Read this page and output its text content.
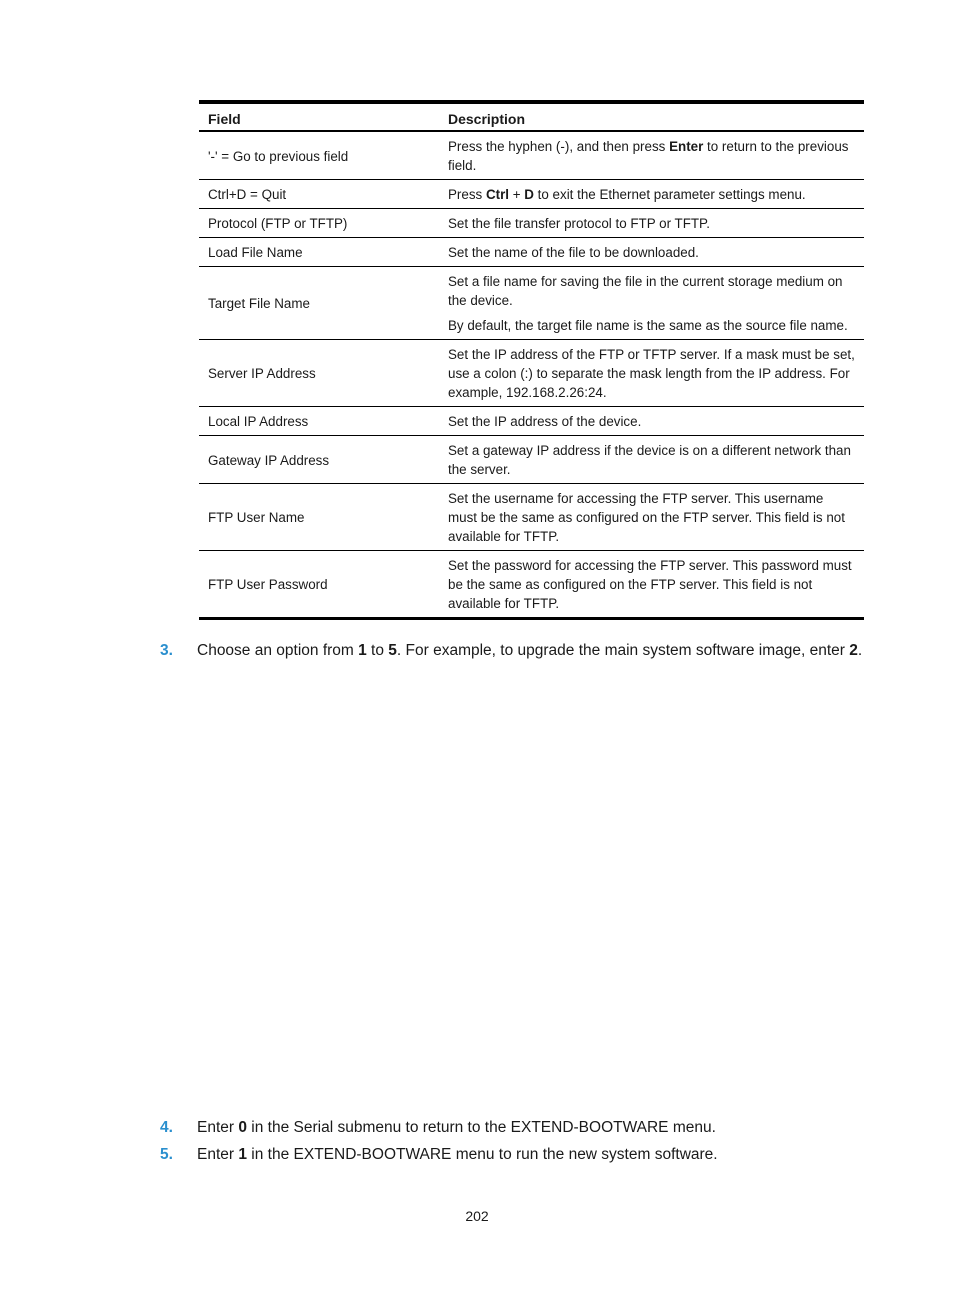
Field	Description
'-' = Go to previous field	Press the hyphen (-), and then press Enter to return to the previous field.

Ctrl+D = Quit	Press Ctrl + D to exit the Ethernet parameter settings menu.

Protocol (FTP or TFTP)	Set the file transfer protocol to FTP or TFTP.

Load File Name	Set the name of the file to be downloaded.

Target File Name	Set a file name for saving the file in the current storage medium on the device.

By default, the target file name is the same as the source file name.

Server IP Address	Set the IP address of the FTP or TFTP server. If a mask must be set, use a colon (:) to separate the mask length from the IP address. For example, 192.168.2.26:24.

Local IP Address	Set the IP address of the device.

Gateway IP Address	Set a gateway IP address if the device is on a different network than the server.

FTP User Name	Set the username for accessing the FTP server. This username must be the same as configured on the FTP server. This field is not available for TFTP.

FTP User Password	Set the password for accessing the FTP server. This password must be the same as configured on the FTP server. This field is not available for TFTP.

3. Choose an option from 1 to 5. For example, to upgrade the main system software image, enter 2.
4. Enter 0 in the Serial submenu to return to the EXTEND-BOOTWARE menu.
5. Enter 1 in the EXTEND-BOOTWARE menu to run the new system software.
202
